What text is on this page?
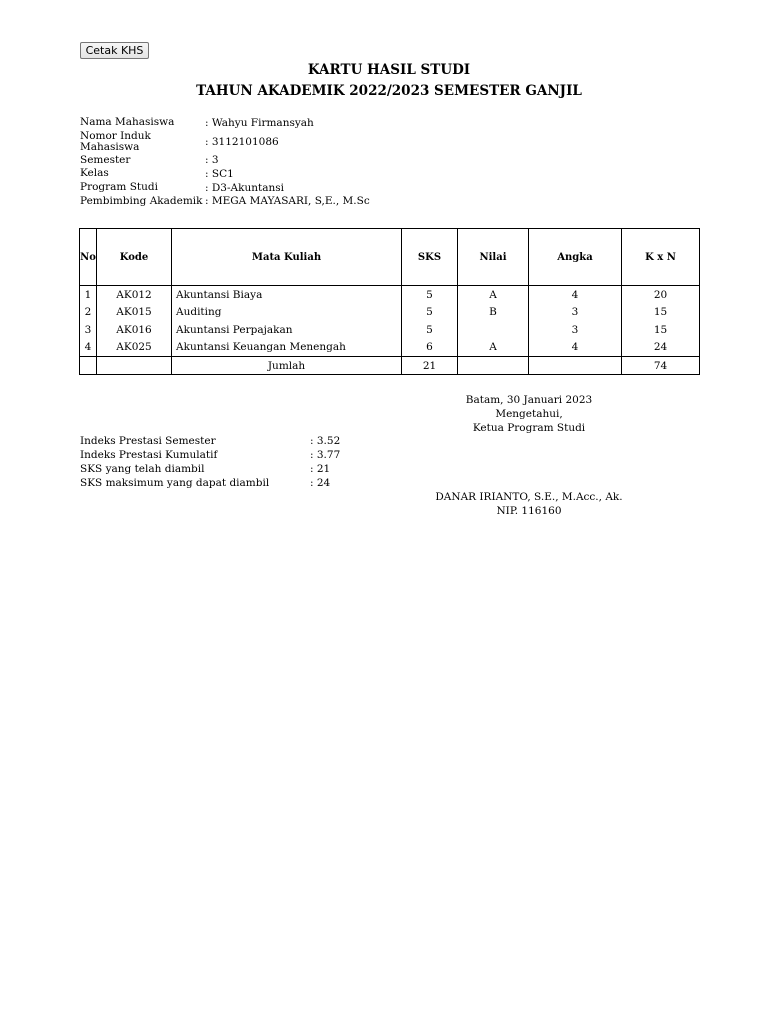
Cetak KHS
KARTU HASIL STUDI
TAHUN AKADEMIK 2022/2023 SEMESTER GANJIL
Nama Mahasiswa	: Wahyu Firmansyah
Nomor Induk Mahasiswa	: 3112101086
Semester	: 3
Kelas	: SC1
Program Studi	: D3-Akuntansi
Pembimbing Akademik : MEGA MAYASARI, S,E., M.Sc
No	Kode	Mata Kuliah	SKS	Nilai	Angka	K x N
1	AK012	Akuntansi Biaya	5	A	4	20
2	AK015	Auditing	5	B	3	15
3	AK016	Akuntansi Perpajakan	5		3	15
4	AK025	Akuntansi Keuangan Menengah	6	A	4	24
		Jumlah	21			74
Batam, 30 Januari 2023
Mengetahui,
Ketua Program Studi
Indeks Prestasi Semester	: 3.52
Indeks Prestasi Kumulatif	: 3.77
SKS yang telah diambil	: 21
SKS maksimum yang dapat diambil	: 24
DANAR IRIANTO, S.E., M.Acc., Ak.
NIP. 116160
